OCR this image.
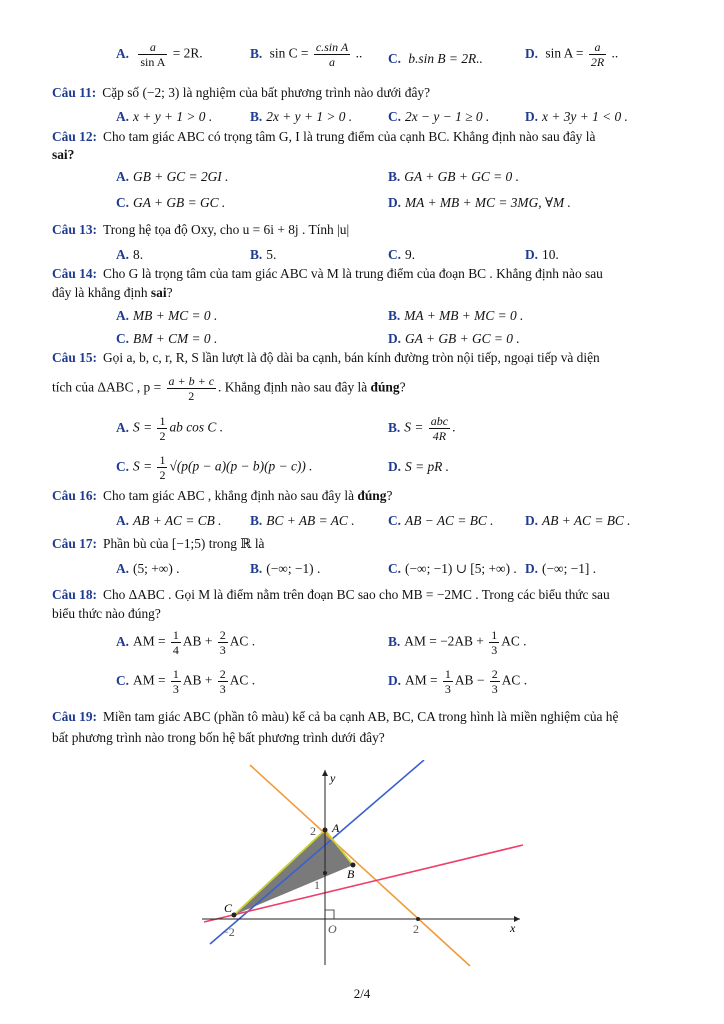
A. $\frac{a}{\text{sin A}} = 2R$.	B. $\sin C = \frac{\text{c.sin A}}{a}$ .. C. b.sin B = 2R..	D. $\sin A = \frac{a}{2R}$ ..
Câu 11: Cặp số (−2; 3) là nghiệm của bất phương trình nào dưới đây?
A. x + y + 1 > 0 .	B. 2x + y + 1 > 0 .	C. 2x − y − 1 ≥ 0 .	D. x + 3y + 1 < 0 .
Câu 12: Cho tam giác ABC có trọng tâm G, I là trung điểm của cạnh BC. Khẳng định nào sau đây là
sai?
A. GB + GC = 2GI .	B. GA + GB + GC = 0 .
C. GA + GB = GC .	D. MA + MB + MC = 3MG, ∀M .
Câu 13: Trong hệ tọa độ Oxy, cho u = 6i + 8j . Tính |u|
A. 8.	B. 5.	C. 9.	D. 10.
Câu 14: Cho G là trọng tâm của tam giác ABC và M là trung điểm của đoạn BC . Khẳng định nào sau
đây là khẳng định sai?
A. MB + MC = 0 .	B. MA + MB + MC = 0 .
C. BM + CM = 0 .	D. GA + GB + GC = 0 .
Câu 15: Gọi a, b, c, r, R, S lần lượt là độ dài ba cạnh, bán kính đường tròn nội tiếp, ngoại tiếp và diện
tích của ΔABC , $p = \frac{a + b + c}{2}$ . Khẳng định nào sau đây là đúng?
A. $S = \frac{1}{2}$ ab cos C .	B. $S = \frac{\text{abc}}{4R}$ .
C. $S = \frac{1}{2} √(p(p - a)(p - b)(p - c))$ .	D. S = pR .
Câu 16: Cho tam giác ABC , khẳng định nào sau đây là đúng?
A. AB + AC = CB . B. BC + AB = AC . C. AB − AC = BC . D. AB + AC = BC .
Câu 17: Phần bù của [−1;5) trong ℝ là
A. (5; +∞) .	B. (−∞; −1) .	C. (−∞; −1) ∪ [5; +∞) . D. (−∞; −1] .
Câu 18: Cho ΔABC . Gọi M là điểm nằm trên đoạn BC sao cho MB = −2MC . Trong các biểu thức sau
biểu thức nào đúng?
A. AM = $\frac{1}{4}$ AB + $\frac{2}{3}$ AC .	B. AM = $-2AB + \frac{1}{3}$ AC .
C. AM = $\frac{1}{3}$ AB + $\frac{2}{3}$ AC .	D. AM = $\frac{1}{3}$ AB − $\frac{2}{3}$ AC .
Câu 19: Miền tam giác ABC (phần tô màu) kể cả ba cạnh AB, BC, CA trong hình là miền nghiệm của hệ
bất phương trình nào trong bốn hệ bất phương trình dưới đây?
y
x
O
−2	2
2
1
A
B
C
2/4
